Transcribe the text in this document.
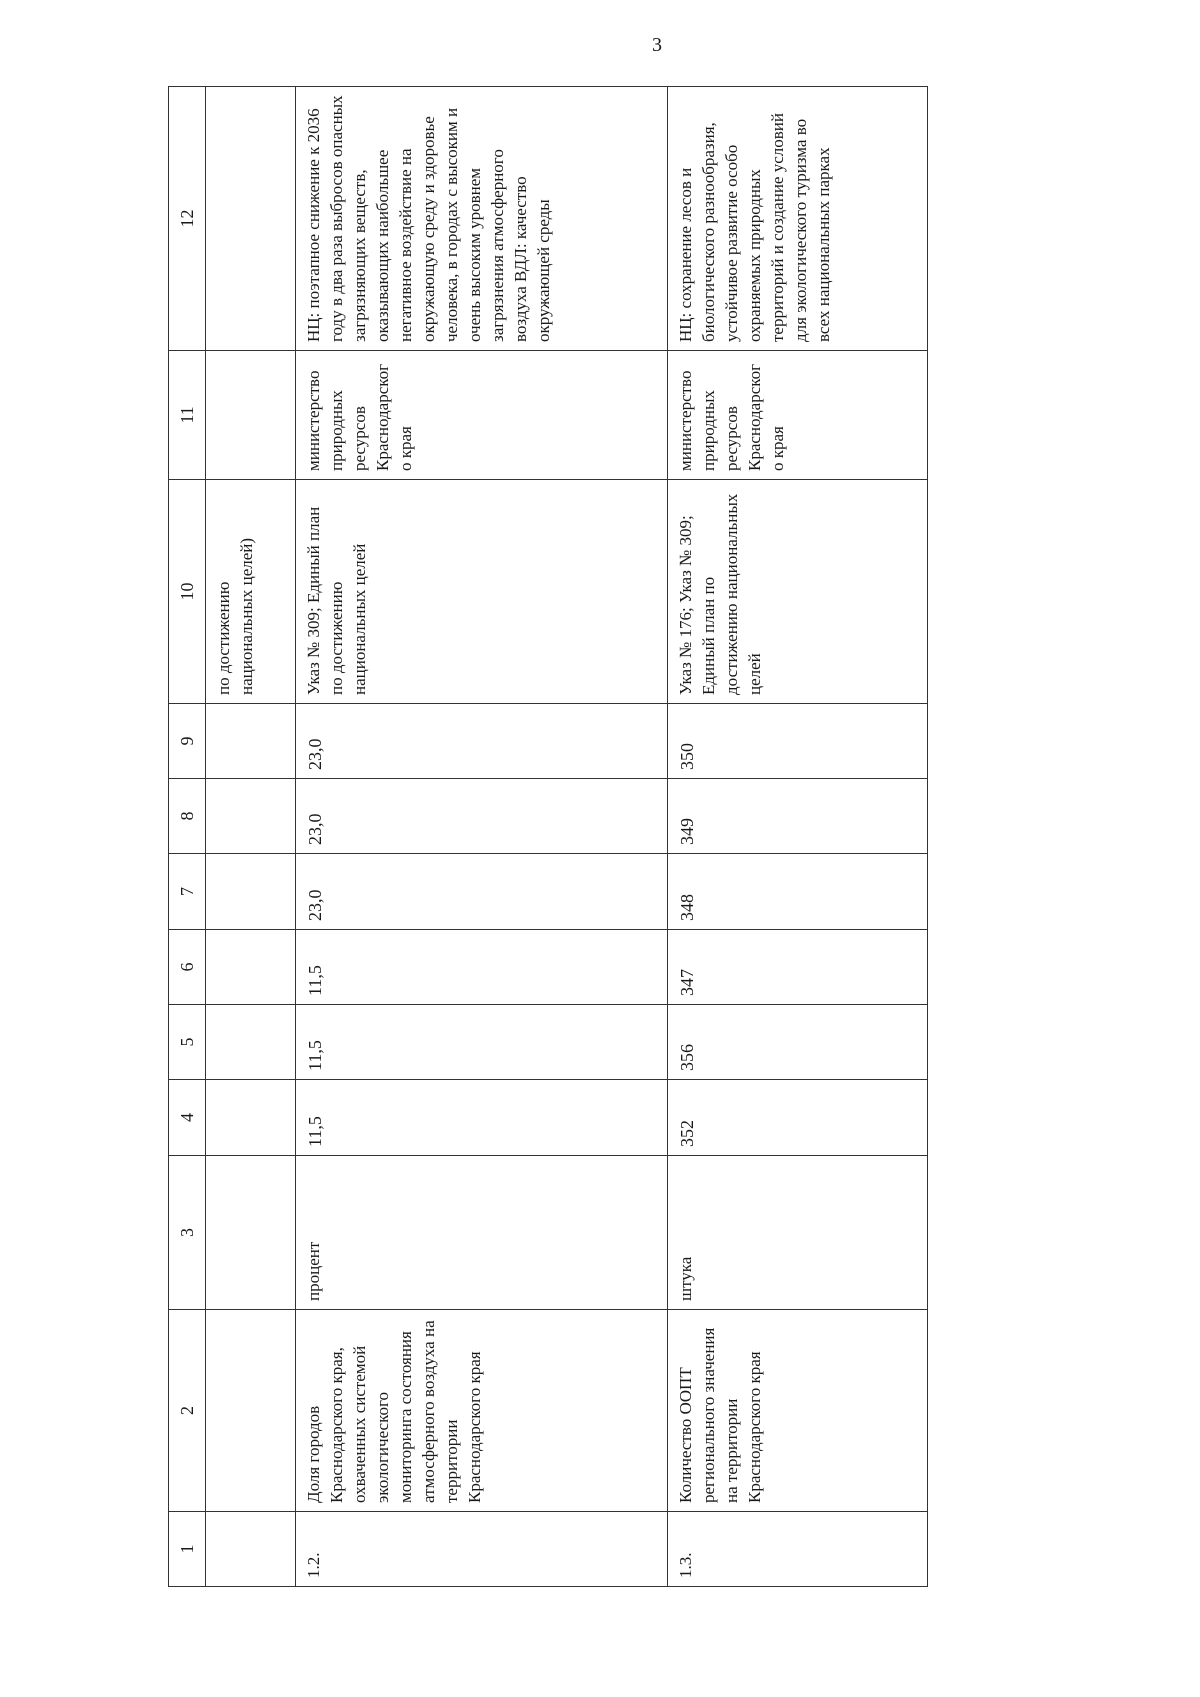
3
1	2	3	4	5	6	7	8	9	10	11	12
									по достижению национальных целей)		
1.2.	Доля городов Краснодарского края, охваченных системой экологического мониторинга состояния атмосферного воздуха на территории Краснодарского края	процент	11,5	11,5	11,5	23,0	23,0	23,0	Указ № 309; Единый план по достижению национальных целей	министерство природных ресурсов Краснодарского края	НЦ: поэтапное снижение к 2036 году в два раза выбросов опасных загрязняющих веществ, оказывающих наибольшее негативное воздействие на окружающую среду и здоровье человека, в городах с высоким и очень высоким уровнем загрязнения атмосферного воздуха ВДЛ: качество окружающей среды
1.3.	Количество ООПТ регионального значения на территории Краснодарского края	штука	352	356	347	348	349	350	Указ № 176; Указ № 309; Единый план по достижению национальных целей	министерство природных ресурсов Краснодарского края	НЦ: сохранение лесов и биологического разнообразия, устойчивое развитие особо охраняемых природных территорий и создание условий для экологического туризма во всех национальных парках
